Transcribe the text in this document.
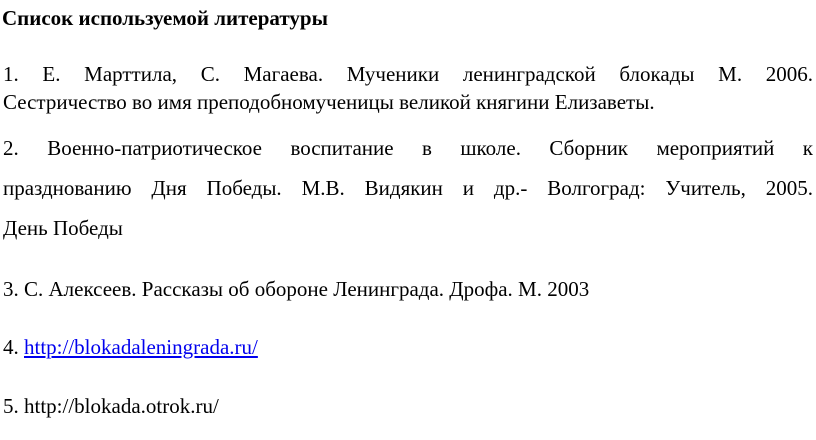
Список используемой литературы
1. Е. Марттила, С. Магаева. Мученики ленинградской блокады М. 2006.
Сестричество во имя преподобномученицы великой княгини Елизаветы.
2. Военно-патриотическое воспитание в школе. Сборник мероприятий к
празднованию Дня Победы. М.В. Видякин и др.- Волгоград: Учитель, 2005.
День Победы
3. С. Алексеев. Рассказы об обороне Ленинграда. Дрофа. М. 2003
4. http://blokadaleningrada.ru/
5. http://blokada.otrok.ru/
